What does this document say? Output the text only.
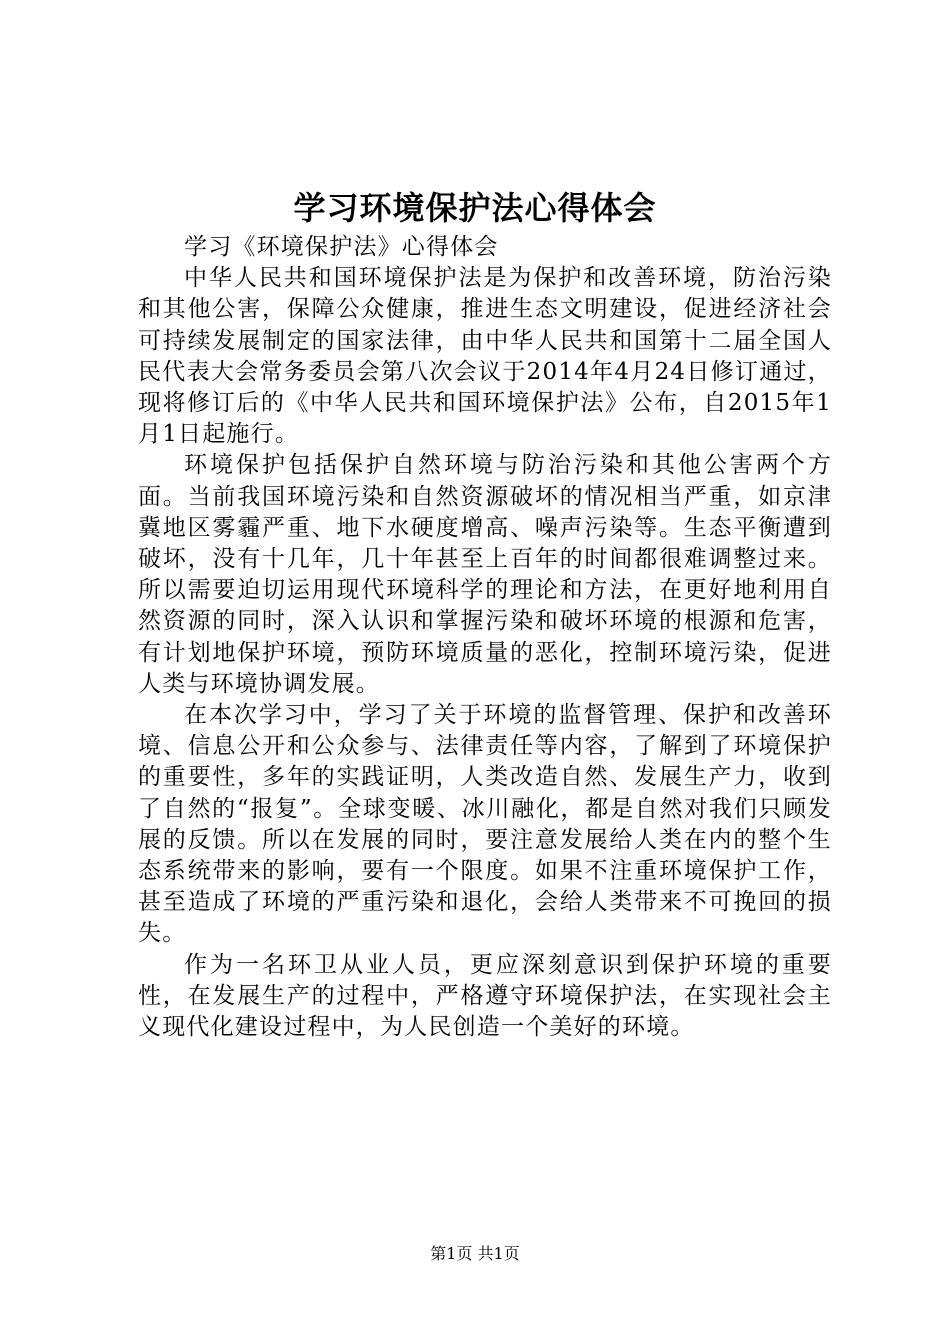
学习环境保护法心得体会

学习《环境保护法》心得体会

中华人民共和国环境保护法是为保护和改善环境，防治污染和其他公害，保障公众健康，推进生态文明建设，促进经济社会可持续发展制定的国家法律，由中华人民共和国第十二届全国人民代表大会常务委员会第八次会议于2014年4月24日修订通过，现将修订后的《中华人民共和国环境保护法》公布，自2015年1月1日起施行。

环境保护包括保护自然环境与防治污染和其他公害两个方面。当前我国环境污染和自然资源破坏的情况相当严重，如京津冀地区雾霾严重、地下水硬度增高、噪声污染等。生态平衡遭到破坏，没有十几年，几十年甚至上百年的时间都很难调整过来。所以需要迫切运用现代环境科学的理论和方法，在更好地利用自然资源的同时，深入认识和掌握污染和破坏环境的根源和危害，有计划地保护环境，预防环境质量的恶化，控制环境污染，促进人类与环境协调发展。

在本次学习中，学习了关于环境的监督管理、保护和改善环境、信息公开和公众参与、法律责任等内容，了解到了环境保护的重要性，多年的实践证明，人类改造自然、发展生产力，收到了自然的“报复”。全球变暖、冰川融化，都是自然对我们只顾发展的反馈。所以在发展的同时，要注意发展给人类在内的整个生态系统带来的影响，要有一个限度。如果不注重环境保护工作，甚至造成了环境的严重污染和退化，会给人类带来不可挽回的损失。

作为一名环卫从业人员，更应深刻意识到保护环境的重要性，在发展生产的过程中，严格遵守环境保护法，在实现社会主义现代化建设过程中，为人民创造一个美好的环境。

第1页 共1页
